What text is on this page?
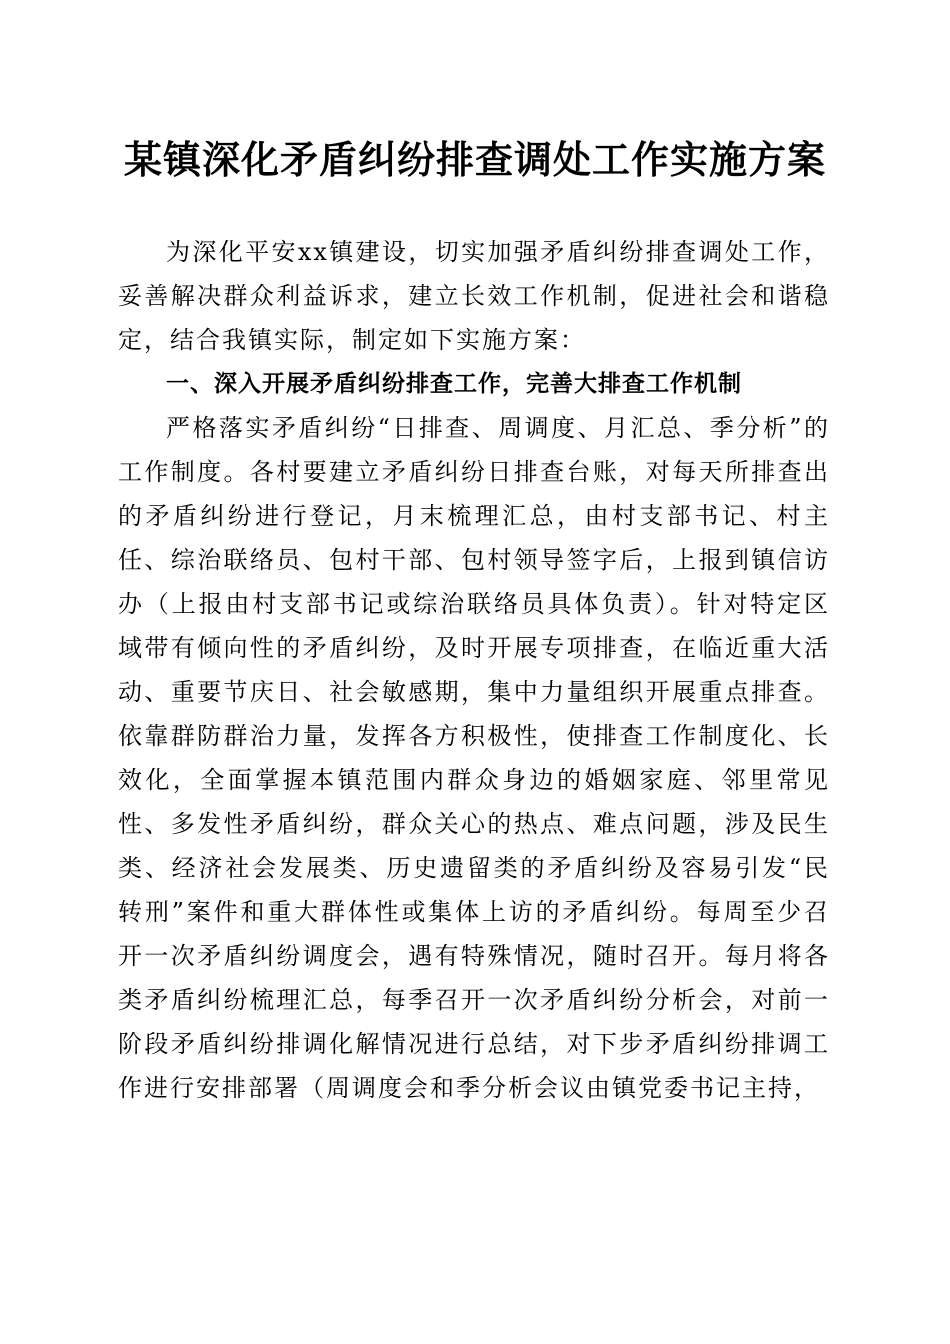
某镇深化矛盾纠纷排查调处工作实施方案

为深化平安xx镇建设，切实加强矛盾纠纷排查调处工作，妥善解决群众利益诉求，建立长效工作机制，促进社会和谐稳定，结合我镇实际，制定如下实施方案：

一、深入开展矛盾纠纷排查工作，完善大排查工作机制

严格落实矛盾纠纷“日排查、周调度、月汇总、季分析”的工作制度。各村要建立矛盾纠纷日排查台账，对每天所排查出的矛盾纠纷进行登记，月末梳理汇总，由村支部书记、村主任、综治联络员、包村干部、包村领导签字后，上报到镇信访办（上报由村支部书记或综治联络员具体负责）。针对特定区域带有倾向性的矛盾纠纷，及时开展专项排查，在临近重大活动、重要节庆日、社会敏感期，集中力量组织开展重点排查。依靠群防群治力量，发挥各方积极性，使排查工作制度化、长效化，全面掌握本镇范围内群众身边的婚姻家庭、邻里常见性、多发性矛盾纠纷，群众关心的热点、难点问题，涉及民生类、经济社会发展类、历史遗留类的矛盾纠纷及容易引发“民转刑”案件和重大群体性或集体上访的矛盾纠纷。每周至少召开一次矛盾纠纷调度会，遇有特殊情况，随时召开。每月将各类矛盾纠纷梳理汇总，每季召开一次矛盾纠纷分析会，对前一阶段矛盾纠纷排调化解情况进行总结，对下步矛盾纠纷排调工作进行安排部署（周调度会和季分析会议由镇党委书记主持，
